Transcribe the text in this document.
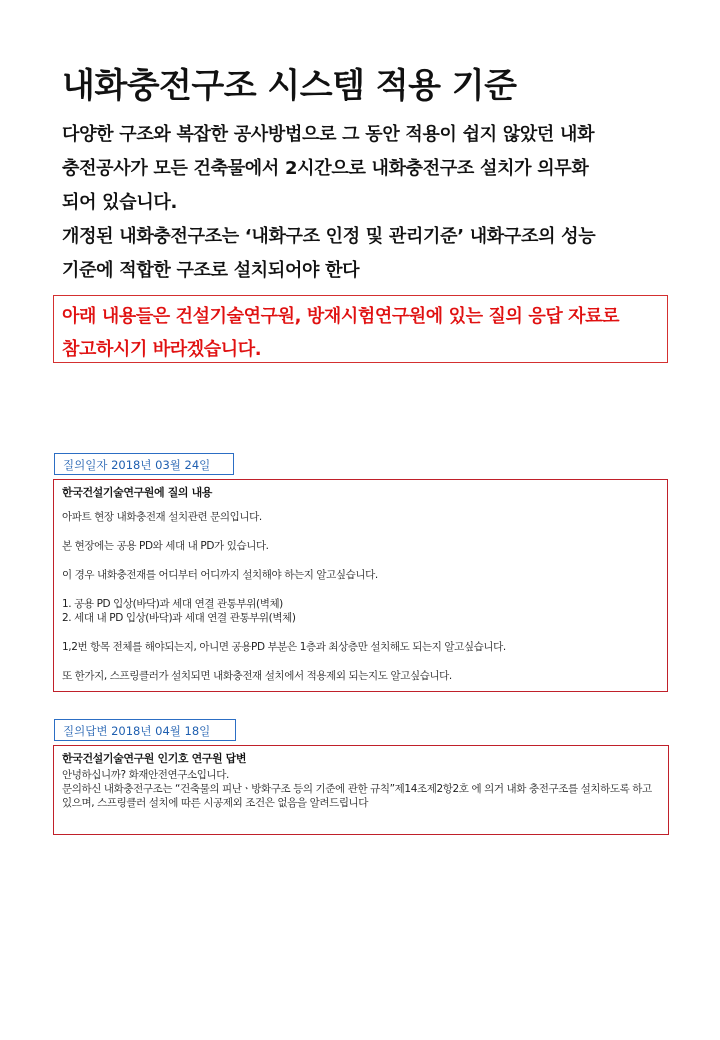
내화충전구조 시스템 적용 기준

다양한 구조와 복잡한 공사방법으로 그 동안 적용이 쉽지 않았던 내화

충전공사가 모든 건축물에서 2시간으로 내화충전구조 설치가 의무화

되어 있습니다.

개정된 내화충전구조는 ‘내화구조 인정 및 관리기준’ 내화구조의 성능

기준에 적합한 구조로 설치되어야 한다

아래 내용들은 건설기술연구원, 방재시험연구원에 있는 질의 응답 자료로
참고하시기 바라겠습니다.
질의일자 2018년 03월 24일
한국건설기술연구원에 질의 내용

아파트 현장 내화충전재 설치관련 문의입니다.

본 현장에는 공용 PD와 세대 내 PD가 있습니다.

이 경우 내화충전재를 어디부터 어디까지 설치해야 하는지 알고싶습니다.

1. 공용 PD 입상(바닥)과 세대 연결 관통부위(벽체)

2. 세대 내 PD 입상(바닥)과 세대 연결 관통부위(벽체)

1,2번 항목 전체를 해야되는지, 아니면 공용PD 부분은 1층과 최상층만 설치해도 되는지 알고싶습니다.

또 한가지, 스프링클러가 설치되면 내화충전재 설치에서 적용제외 되는지도 알고싶습니다.

질의답변 2018년 04월 18일
한국건설기술연구원 인기호 연구원 답변

안녕하십니까? 화재안전연구소입니다.

문의하신 내화충전구조는 “건축물의 피난ㆍ방화구조 등의 기준에 관한 규칙”제14조제2항2호 에 의거 내화 충전구조를 설치하도록 하고 있으며, 스프링클러 설치에 따른 시공제외 조건은 없음을 알려드립니다
